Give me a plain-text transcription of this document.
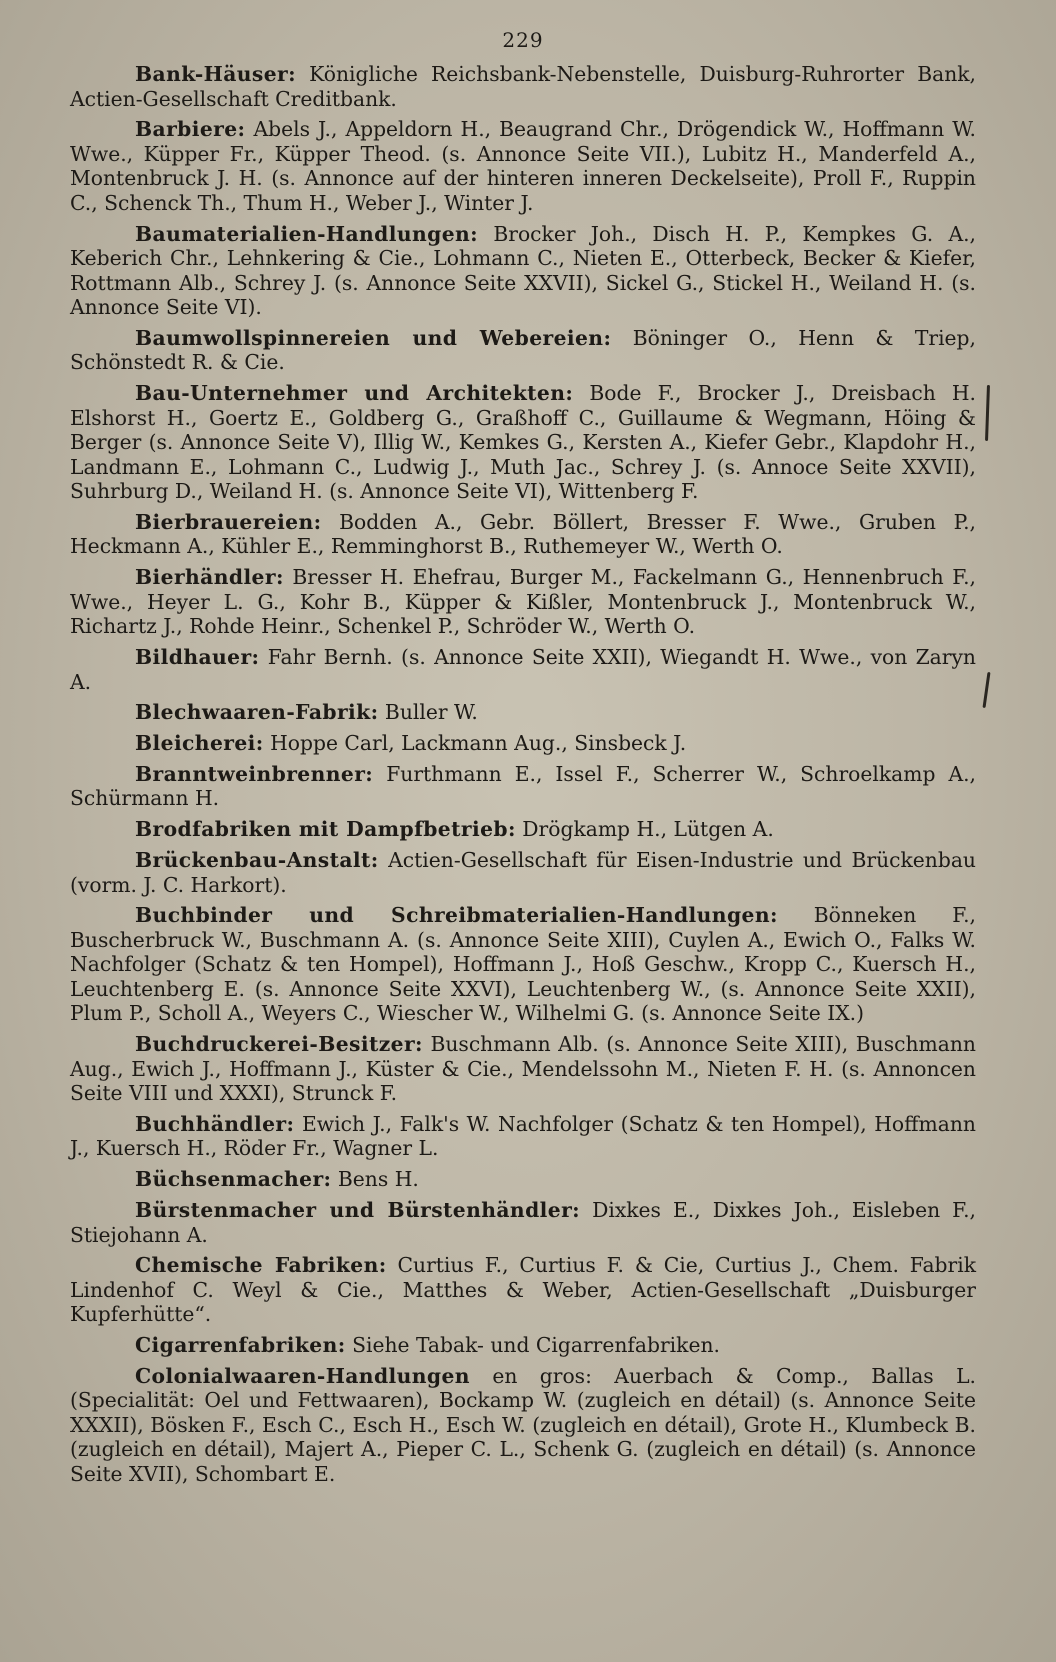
229

Bank-Häuser: Königliche Reichsbank-Nebenstelle, Duisburg-Ruhrorter Bank, Actien-Gesellschaft Creditbank.

Barbiere: Abels J., Appeldorn H., Beaugrand Chr., Drögendick W., Hoffmann W. Wwe., Küpper Fr., Küpper Theod. (s. Annonce Seite VII.), Lubitz H., Manderfeld A., Montenbruck J. H. (s. Annonce auf der hinteren inneren Deckelseite), Proll F., Ruppin C., Schenck Th., Thum H., Weber J., Winter J.

Baumaterialien-Handlungen: Brocker Joh., Disch H. P., Kempkes G. A., Keberich Chr., Lehnkering & Cie., Lohmann C., Nieten E., Otterbeck, Becker & Kiefer, Rottmann Alb., Schrey J. (s. Annonce Seite XXVII), Sickel G., Stickel H., Weiland H. (s. Annonce Seite VI).

Baumwollspinnereien und Webereien: Böninger O., Henn & Triep, Schönstedt R. & Cie.

Bau-Unternehmer und Architekten: Bode F., Brocker J., Dreisbach H. Elshorst H., Goertz E., Goldberg G., Graßhoff C., Guillaume & Wegmann, Höing & Berger (s. Annonce Seite V), Illig W., Kemkes G., Kersten A., Kiefer Gebr., Klapdohr H., Landmann E., Lohmann C., Ludwig J., Muth Jac., Schrey J. (s. Annoce Seite XXVII), Suhrburg D., Weiland H. (s. Annonce Seite VI), Wittenberg F.

Bierbrauereien: Bodden A., Gebr. Böllert, Bresser F. Wwe., Gruben P., Heckmann A., Kühler E., Remminghorst B., Ruthemeyer W., Werth O.

Bierhändler: Bresser H. Ehefrau, Burger M., Fackelmann G., Hennenbruch F., Wwe., Heyer L. G., Kohr B., Küpper & Kißler, Montenbruck J., Montenbruck W., Richartz J., Rohde Heinr., Schenkel P., Schröder W., Werth O.

Bildhauer: Fahr Bernh. (s. Annonce Seite XXII), Wiegandt H. Wwe., von Zaryn A.

Blechwaaren-Fabrik: Buller W.

Bleicherei: Hoppe Carl, Lackmann Aug., Sinsbeck J.

Branntweinbrenner: Furthmann E., Issel F., Scherrer W., Schroelkamp A., Schürmann H.

Brodfabriken mit Dampfbetrieb: Drögkamp H., Lütgen A.

Brückenbau-Anstalt: Actien-Gesellschaft für Eisen-Industrie und Brückenbau (vorm. J. C. Harkort).

Buchbinder und Schreibmaterialien-Handlungen: Bönneken F., Buscherbruck W., Buschmann A. (s. Annonce Seite XIII), Cuylen A., Ewich O., Falks W. Nachfolger (Schatz & ten Hompel), Hoffmann J., Hoß Geschw., Kropp C., Kuersch H., Leuchtenberg E. (s. Annonce Seite XXVI), Leuchtenberg W., (s. Annonce Seite XXII), Plum P., Scholl A., Weyers C., Wiescher W., Wilhelmi G. (s. Annonce Seite IX.)

Buchdruckerei-Besitzer: Buschmann Alb. (s. Annonce Seite XIII), Buschmann Aug., Ewich J., Hoffmann J., Küster & Cie., Mendelssohn M., Nieten F. H. (s. Annoncen Seite VIII und XXXI), Strunck F.

Buchhändler: Ewich J., Falk's W. Nachfolger (Schatz & ten Hompel), Hoffmann J., Kuersch H., Röder Fr., Wagner L.

Büchsenmacher: Bens H.

Bürstenmacher und Bürstenhändler: Dixkes E., Dixkes Joh., Eisleben F., Stiejohann A.

Chemische Fabriken: Curtius F., Curtius F. & Cie, Curtius J., Chem. Fabrik Lindenhof C. Weyl & Cie., Matthes & Weber, Actien-Gesellschaft „Duisburger Kupferhütte“.

Cigarrenfabriken: Siehe Tabak- und Cigarrenfabriken.

Colonialwaaren-Handlungen en gros: Auerbach & Comp., Ballas L. (Specialität: Oel und Fettwaaren), Bockamp W. (zugleich en détail) (s. Annonce Seite XXXII), Bösken F., Esch C., Esch H., Esch W. (zugleich en détail), Grote H., Klumbeck B. (zugleich en détail), Majert A., Pieper C. L., Schenk G. (zugleich en détail) (s. Annonce Seite XVII), Schombart E.
